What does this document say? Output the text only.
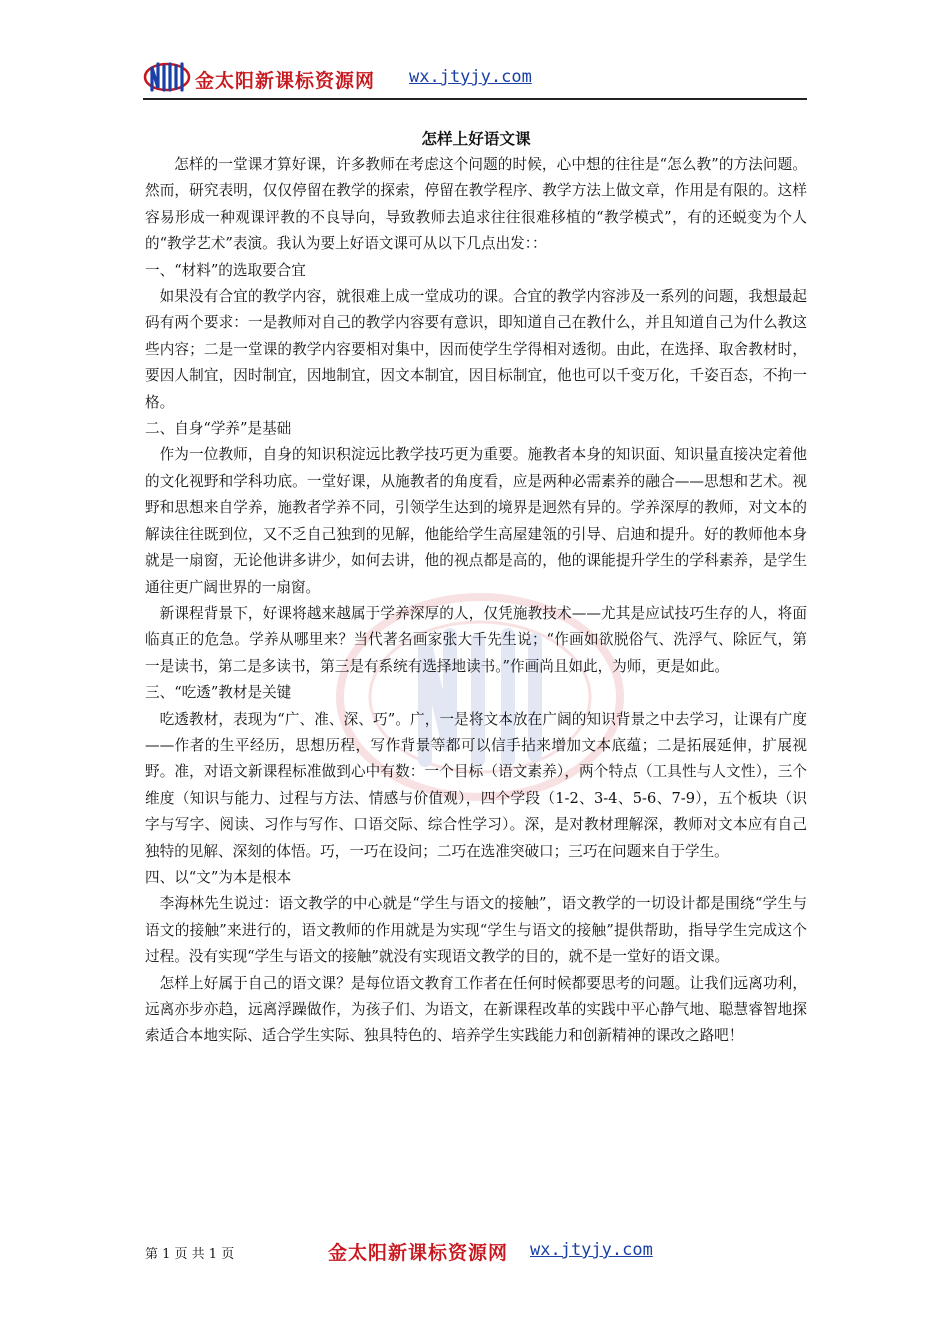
金太阳新课标资源网 wx.jtyjy.com
怎样上好语文课

怎样的一堂课才算好课，许多教师在考虑这个问题的时候，心中想的往往是“怎么教”的方法问题。然而，研究表明，仅仅停留在教学的探索，停留在教学程序、教学方法上做文章，作用是有限的。这样容易形成一种观课评教的不良导向，导致教师去追求往往很难移植的“教学模式”，有的还蜕变为个人的“教学艺术”表演。我认为要上好语文课可从以下几点出发：：

一、“材料”的选取要合宜

如果没有合宜的教学内容，就很难上成一堂成功的课。合宜的教学内容涉及一系列的问题，我想最起码有两个要求：一是教师对自己的教学内容要有意识，即知道自己在教什么，并且知道自己为什么教这些内容；二是一堂课的教学内容要相对集中，因而使学生学得相对透彻。由此，在选择、取舍教材时，要因人制宜，因时制宜，因地制宜，因文本制宜，因目标制宜，他也可以千变万化，千姿百态，不拘一格。

二、自身“学养”是基础

作为一位教师，自身的知识积淀远比教学技巧更为重要。施教者本身的知识面、知识量直接决定着他的文化视野和学科功底。一堂好课，从施教者的角度看，应是两种必需素养的融合——思想和艺术。视野和思想来自学养，施教者学养不同，引领学生达到的境界是迥然有异的。学养深厚的教师，对文本的解读往往既到位，又不乏自己独到的见解，他能给学生高屋建瓴的引导、启迪和提升。好的教师他本身就是一扇窗，无论他讲多讲少，如何去讲，他的视点都是高的，他的课能提升学生的学科素养，是学生通往更广阔世界的一扇窗。

新课程背景下，好课将越来越属于学养深厚的人，仅凭施教技术——尤其是应试技巧生存的人，将面临真正的危急。学养从哪里来？当代著名画家张大千先生说；“作画如欲脱俗气、洗浮气、除匠气，第一是读书，第二是多读书，第三是有系统有选择地读书。”作画尚且如此，为师，更是如此。

三、“吃透”教材是关键

吃透教材，表现为“广、准、深、巧”。广，一是将文本放在广阔的知识背景之中去学习，让课有广度——作者的生平经历，思想历程，写作背景等都可以信手拈来增加文本底蕴；二是拓展延伸，扩展视野。准，对语文新课程标准做到心中有数：一个目标（语文素养），两个特点（工具性与人文性），三个维度（知识与能力、过程与方法、情感与价值观），四个学段（1-2、3-4、5-6、7-9），五个板块（识字与写字、阅读、习作与写作、口语交际、综合性学习）。深，是对教材理解深，教师对文本应有自己独特的见解、深刻的体悟。巧，一巧在设问；二巧在选准突破口；三巧在问题来自于学生。

四、以“文”为本是根本

李海林先生说过：语文教学的中心就是“学生与语文的接触”，语文教学的一切设计都是围绕“学生与语文的接触”来进行的，语文教师的作用就是为实现“学生与语文的接触”提供帮助，指导学生完成这个过程。没有实现“学生与语文的接触”就没有实现语文教学的目的，就不是一堂好的语文课。

怎样上好属于自己的语文课？是每位语文教育工作者在任何时候都要思考的问题。让我们远离功利，远离亦步亦趋，远离浮躁做作，为孩子们、为语文，在新课程改革的实践中平心静气地、聪慧睿智地探索适合本地实际、适合学生实际、独具特色的、培养学生实践能力和创新精神的课改之路吧！

第 1 页 共 1 页	金太阳新课标资源网 wx.jtyjy.com
